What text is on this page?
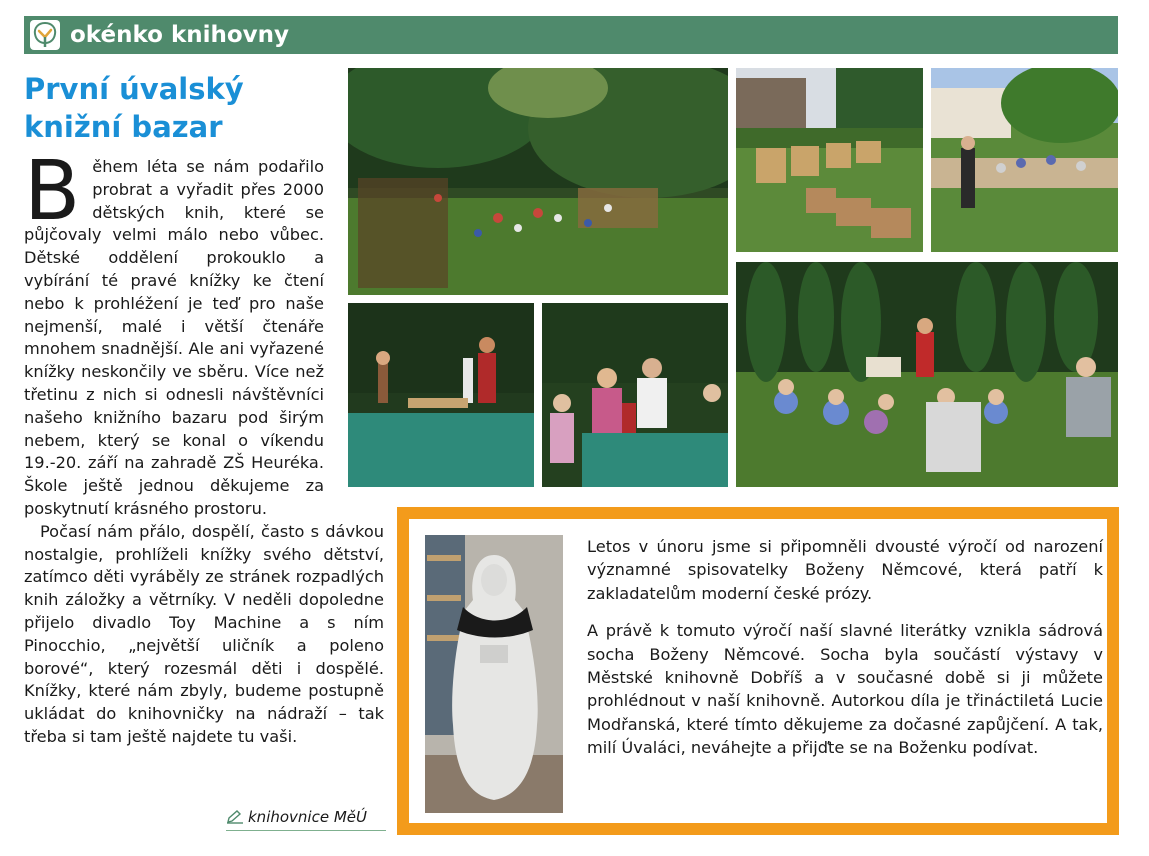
okénko knihovny
První úvalský knižní bazar

B ěhem léta se nám podařilo probrat a vyřadit přes 2000 dětských knih, které se půjčovaly velmi málo nebo vůbec. Dětské oddělení prokouklo a vybírání té pravé knížky ke čtení nebo k prohléžení je teď pro naše nejmenší, malé i větší čtenáře mnohem snadnější. Ale ani vyřazené knížky neskončily ve sběru. Více než třetinu z nich si odnesli návštěvníci našeho knižního bazaru pod širým nebem, který se konal o víkendu 19.-20. září na zahradě ZŠ Heuréka. Škole ještě jednou děkujeme za poskytnutí krásného prostoru.

Počasí nám přálo, dospělí, často s dávkou nostalgie, prohlíželi knížky svého dětství, zatímco děti vyráběly ze stránek rozpadlých knih záložky a větrníky. V neděli dopoledne přijelo divadlo Toy Machine a s ním Pinocchio, „největší uličník a poleno borové“, který rozesmál děti i dospělé. Knížky, které nám zbyly, budeme postupně ukládat do knihovničky na nádraží – tak třeba si tam ještě najdete tu vaši.

knihovnice MěÚ

Letos v únoru jsme si připomněli dvousté výročí od narození významné spisovatelky Boženy Němcové, která patří k zakladatelům moderní české prózy.

A právě k tomuto výročí naší slavné literátky vznikla sádrová socha Boženy Němcové. Socha byla součástí výstavy v Městské knihovně Dobříš a v současné době si ji můžete prohlédnout v naší knihovně. Autorkou díla je třináctiletá Lucie Modřanská, které tímto děkujeme za dočasné zapůjčení. A tak, milí Úvaláci, neváhejte a přijďte se na Boženku podívat.
